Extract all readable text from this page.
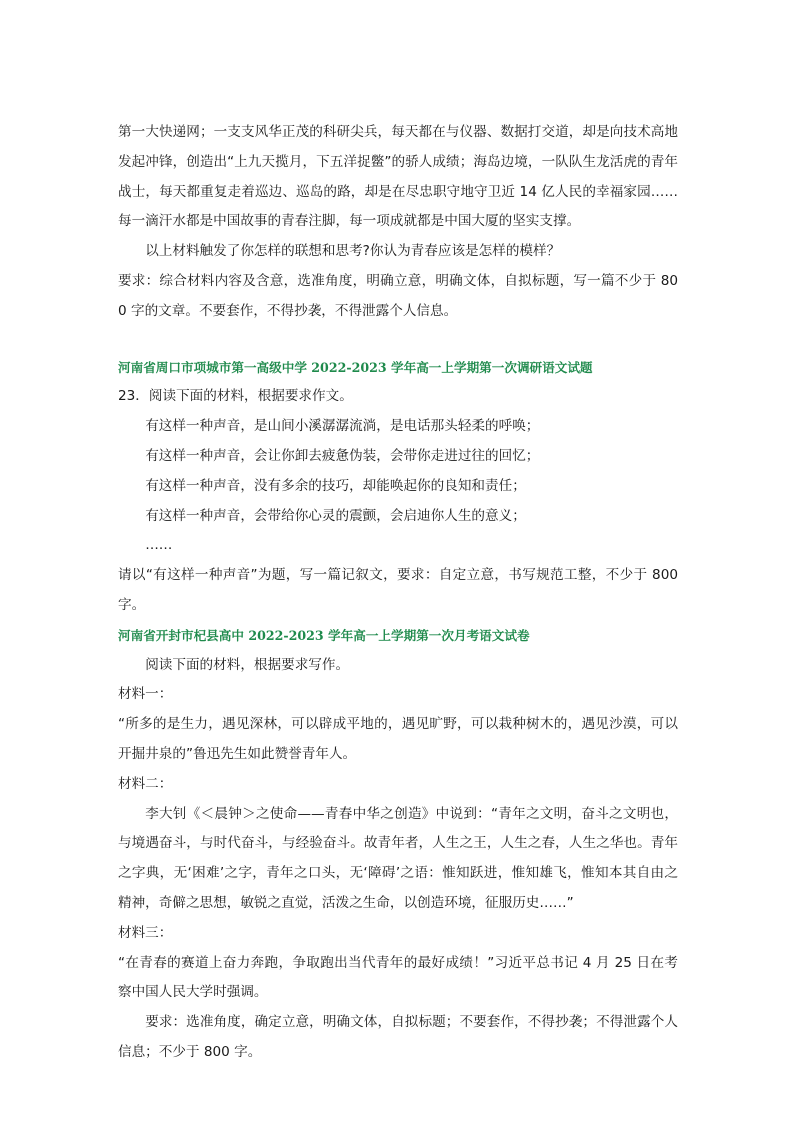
第一大快递网；一支支风华正茂的科研尖兵，每天都在与仪器、数据打交道，却是向技术高地发起冲锋，创造出“上九天揽月，下五洋捉鳖”的骄人成绩；海岛边境，一队队生龙活虎的青年战士，每天都重复走着巡边、巡岛的路，却是在尽忠职守地守卫近 14 亿人民的幸福家园……每一滴汗水都是中国故事的青春注脚，每一项成就都是中国大厦的坚实支撑。

以上材料触发了你怎样的联想和思考?你认为青春应该是怎样的模样？

要求：综合材料内容及含意，选准角度，明确立意，明确文体，自拟标题，写一篇不少于 800 字的文章。不要套作，不得抄袭，不得泄露个人信息。

河南省周口市项城市第一高级中学 2022-2023 学年高一上学期第一次调研语文试题

23．阅读下面的材料，根据要求作文。

有这样一种声音，是山间小溪潺潺流淌，是电话那头轻柔的呼唤；

有这样一种声音，会让你卸去疲惫伪装，会带你走进过往的回忆；

有这样一种声音，没有多余的技巧，却能唤起你的良知和责任；

有这样一种声音，会带给你心灵的震颤，会启迪你人生的意义；

……

请以“有这样一种声音”为题，写一篇记叙文，要求：自定立意，书写规范工整，不少于 800 字。

河南省开封市杞县高中 2022-2023 学年高一上学期第一次月考语文试卷

阅读下面的材料，根据要求写作。

材料一：

“所多的是生力，遇见深林，可以辟成平地的，遇见旷野，可以栽种树木的，遇见沙漠，可以开掘井泉的”鲁迅先生如此赞誉青年人。

材料二：

李大钊《＜晨钟＞之使命——青春中华之创造》中说到：“青年之文明，奋斗之文明也，与境遇奋斗，与时代奋斗，与经验奋斗。故青年者，人生之王，人生之春，人生之华也。青年之字典，无‘困难’之字，青年之口头，无‘障碍’之语：惟知跃进，惟知雄飞，惟知本其自由之精神，奇僻之思想，敏锐之直觉，活泼之生命，以创造环境，征服历史……”

材料三：

“在青春的赛道上奋力奔跑，争取跑出当代青年的最好成绩！”习近平总书记 4 月 25 日在考察中国人民大学时强调。

要求：选准角度，确定立意，明确文体，自拟标题；不要套作，不得抄袭；不得泄露个人信息；不少于 800 字。
